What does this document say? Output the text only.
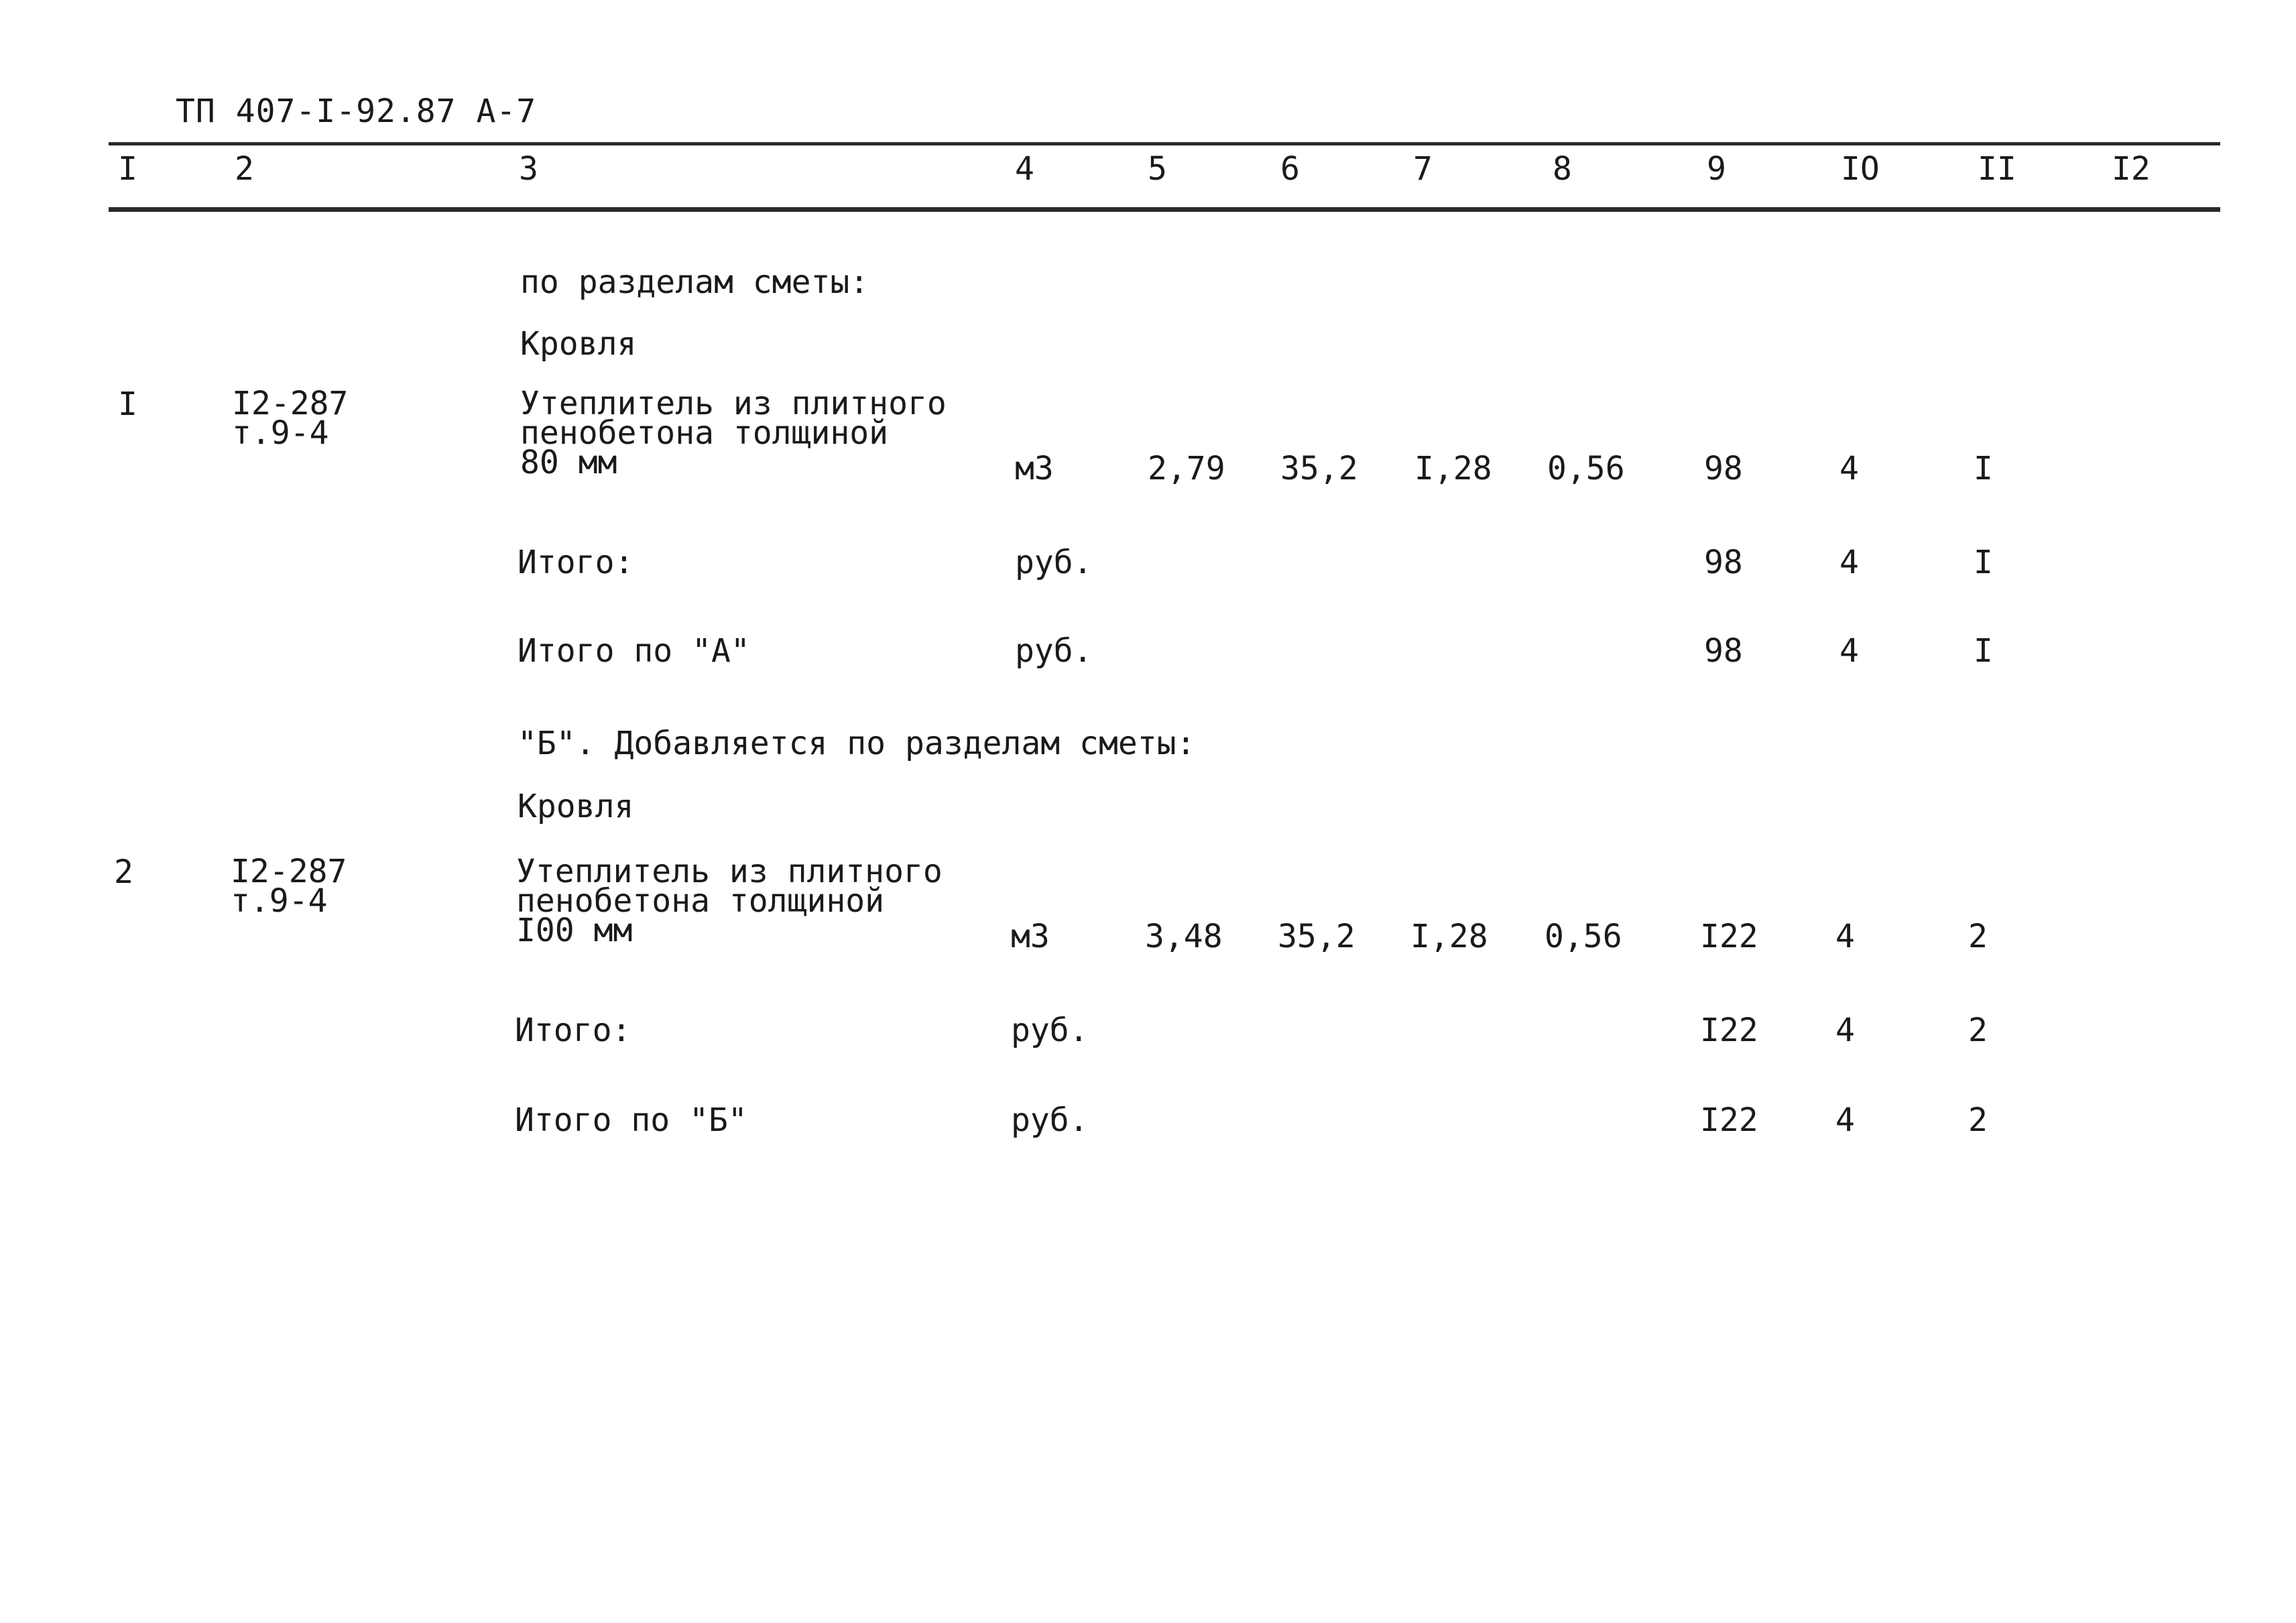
ТП 407-I-92.87 А-7
I	2	3	4	5	6	7	8	9	IO	II	I2
по разделам сметы:
Кровля
I	I2-287
т.9-4
Утеплитель из плитного
пенобетона толщиной
80 мм	м3	2,79 35,2 I,28 0,56 98	4	I
Итого:	руб.	98	4	I
Итого по "А"	руб.	98	4	I
"Б". Добавляется по разделам сметы:
Кровля
2	I2-287
т.9-4
Утеплитель из плитного
пенобетона толщиной
I00 мм	м3	3,48 35,2 I,28 0,56 I22 4	2
Итого:	руб.	I22 4	2
Итого по "Б"	руб.	I22 4	2
